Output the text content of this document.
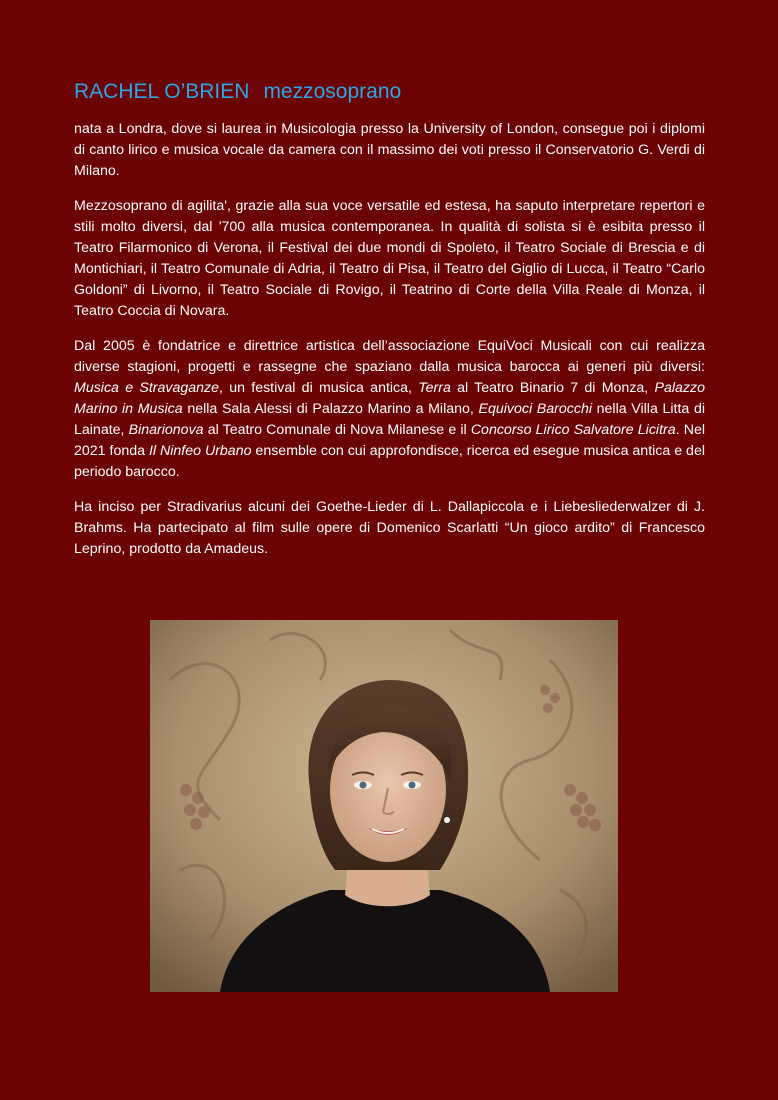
RACHEL O’BRIEN mezzosoprano

nata a Londra, dove si laurea in Musicologia presso la University of London, consegue poi i diplomi di canto lirico e musica vocale da camera con il massimo dei voti presso il Conservatorio G. Verdi di Milano.

Mezzosoprano di agilita', grazie alla sua voce versatile ed estesa, ha saputo interpretare repertori e stili molto diversi, dal '700 alla musica contemporanea. In qualità di solista si è esibita presso il Teatro Filarmonico di Verona, il Festival dei due mondi di Spoleto, il Teatro Sociale di Brescia e di Montichiari, il Teatro Comunale di Adria, il Teatro di Pisa, il Teatro del Giglio di Lucca, il Teatro “Carlo Goldoni” di Livorno, il Teatro Sociale di Rovigo, il Teatrino di Corte della Villa Reale di Monza, il Teatro Coccia di Novara.

Dal 2005 è fondatrice e direttrice artistica dell’associazione EquiVoci Musicali con cui realizza diverse stagioni, progetti e rassegne che spaziano dalla musica barocca ai generi più diversi: Musica e Stravaganze, un festival di musica antica, Terra al Teatro Binario 7 di Monza, Palazzo Marino in Musica nella Sala Alessi di Palazzo Marino a Milano, Equivoci Barocchi nella Villa Litta di Lainate, Binarionova al Teatro Comunale di Nova Milanese e il Concorso Lirico Salvatore Licitra. Nel 2021 fonda Il Ninfeo Urbano ensemble con cui approfondisce, ricerca ed esegue musica antica e del periodo barocco.

Ha inciso per Stradivarius alcuni dei Goethe-Lieder di L. Dallapiccola e i Liebesliederwalzer di J. Brahms. Ha partecipato al film sulle opere di Domenico Scarlatti “Un gioco ardito” di Francesco Leprino, prodotto da Amadeus.
